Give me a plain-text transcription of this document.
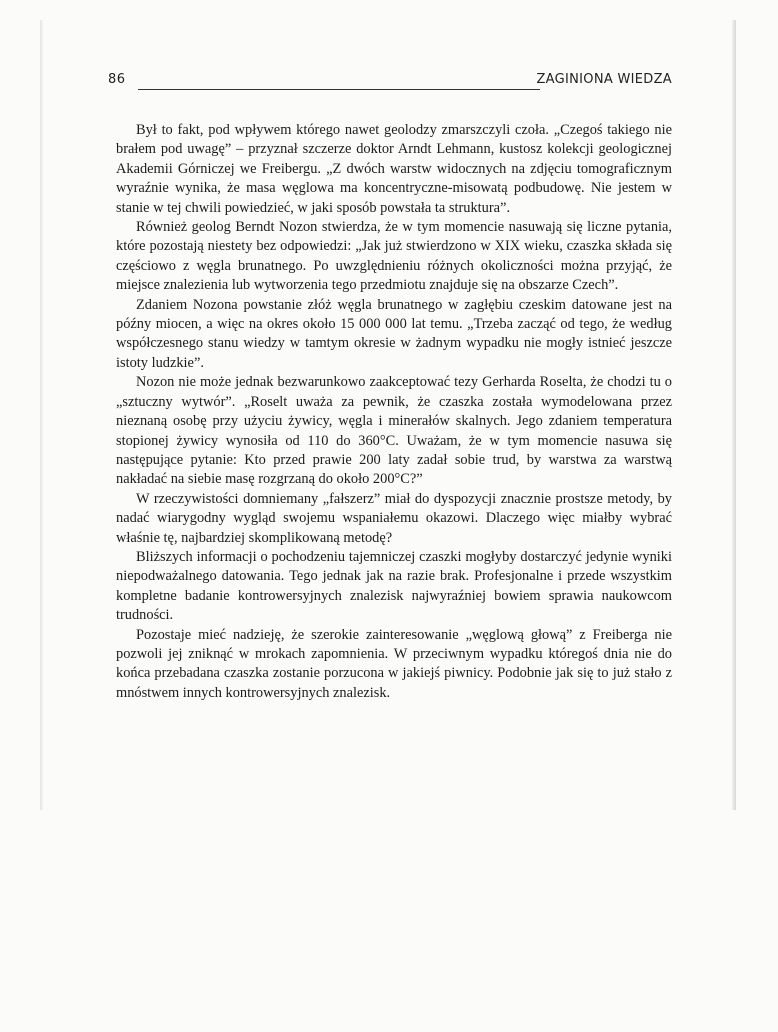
86	ZAGINIONA WIEDZA

Był to fakt, pod wpływem którego nawet geolodzy zmarszczyli czoła. „Czegoś takiego nie brałem pod uwagę” – przyznał szczerze doktor Arndt Lehmann, kustosz kolekcji geologicznej Akademii Górniczej we Freibergu. „Z dwóch warstw widocznych na zdjęciu tomograficznym wyraźnie wynika, że masa węglowa ma koncentryczne-misowatą podbudowę. Nie jestem w stanie w tej chwili powiedzieć, w jaki sposób powstała ta struktura”.

Również geolog Berndt Nozon stwierdza, że w tym momencie nasuwają się liczne pytania, które pozostają niestety bez odpowiedzi: „Jak już stwierdzono w XIX wieku, czaszka składa się częściowo z węgla brunatnego. Po uwzględnieniu różnych okoliczności można przyjąć, że miejsce znalezienia lub wytworzenia tego przedmiotu znajduje się na obszarze Czech”.

Zdaniem Nozona powstanie złóż węgla brunatnego w zagłębiu czeskim datowane jest na późny miocen, a więc na okres około 15 000 000 lat temu. „Trzeba zacząć od tego, że według współczesnego stanu wiedzy w tamtym okresie w żadnym wypadku nie mogły istnieć jeszcze istoty ludzkie”.

Nozon nie może jednak bezwarunkowo zaakceptować tezy Gerharda Roselta, że chodzi tu o „sztuczny wytwór”. „Roselt uważa za pewnik, że czaszka została wymodelowana przez nieznaną osobę przy użyciu żywicy, węgla i minerałów skalnych. Jego zdaniem temperatura stopionej żywicy wynosiła od 110 do 360°C. Uważam, że w tym momencie nasuwa się następujące pytanie: Kto przed prawie 200 laty zadał sobie trud, by warstwa za warstwą nakładać na siebie masę rozgrzaną do około 200°C?”

W rzeczywistości domniemany „fałszerz” miał do dyspozycji znacznie prostsze metody, by nadać wiarygodny wygląd swojemu wspaniałemu okazowi. Dlaczego więc miałby wybrać właśnie tę, najbardziej skomplikowaną metodę?

Bliższych informacji o pochodzeniu tajemniczej czaszki mogłyby dostarczyć jedynie wyniki niepodważalnego datowania. Tego jednak jak na razie brak. Profesjonalne i przede wszystkim kompletne badanie kontrowersyjnych znalezisk najwyraźniej bowiem sprawia naukowcom trudności.

Pozostaje mieć nadzieję, że szerokie zainteresowanie „węglową głową” z Freiberga nie pozwoli jej zniknąć w mrokach zapomnienia. W przeciwnym wypadku któregoś dnia nie do końca przebadana czaszka zostanie porzucona w jakiejś piwnicy. Podobnie jak się to już stało z mnóstwem innych kontrowersyjnych znalezisk.
